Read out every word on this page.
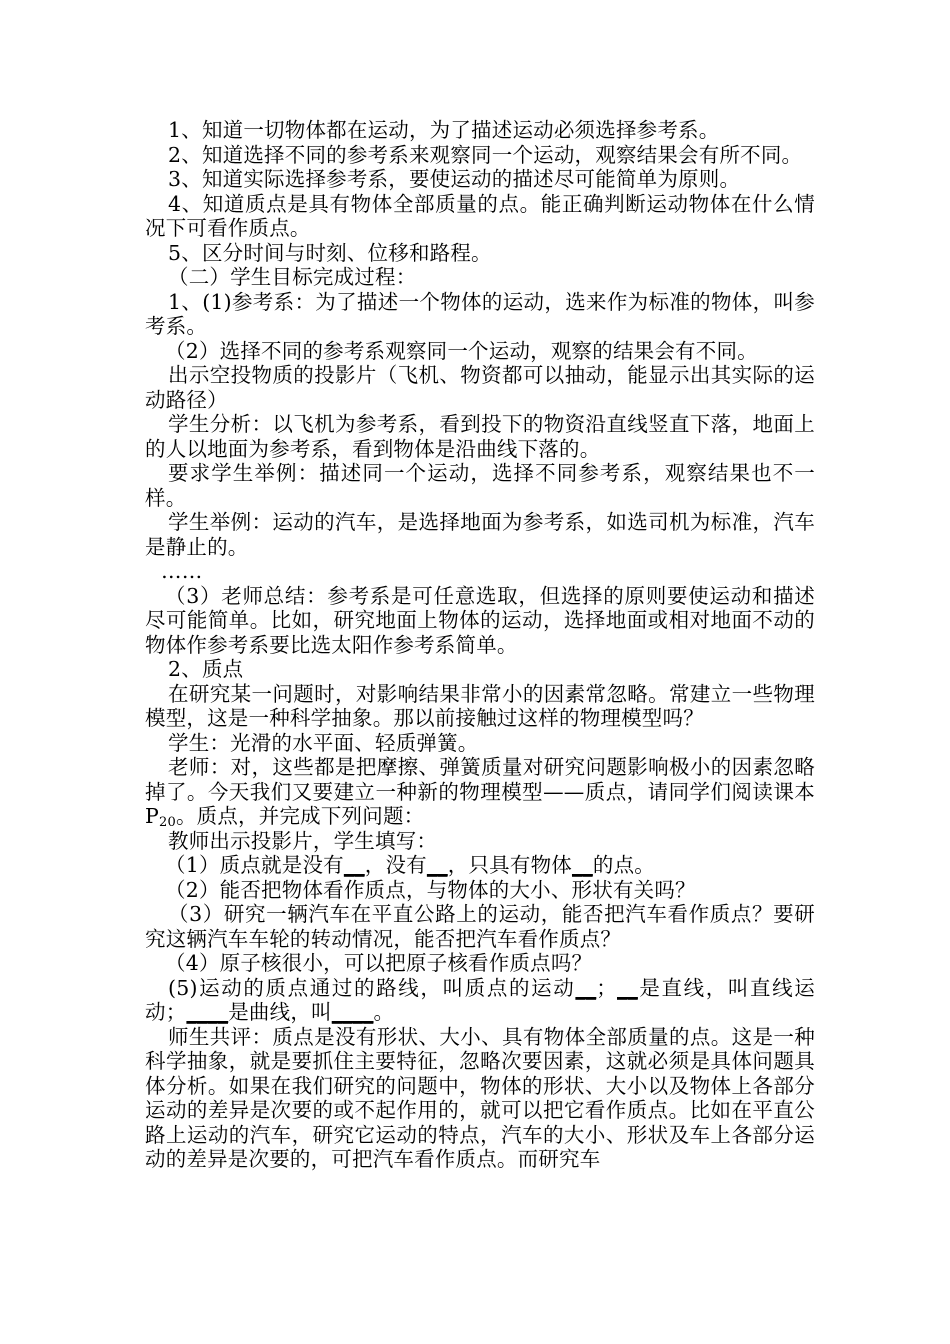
1、知道一切物体都在运动，为了描述运动必须选择参考系。

2、知道选择不同的参考系来观察同一个运动，观察结果会有所不同。

3、知道实际选择参考系，要使运动的描述尽可能简单为原则。

4、知道质点是具有物体全部质量的点。能正确判断运动物体在什么情况下可看作质点。

5、区分时间与时刻、位移和路程。

（二）学生目标完成过程：

1、(1)参考系：为了描述一个物体的运动，选来作为标准的物体，叫参考系。

（2）选择不同的参考系观察同一个运动，观察的结果会有不同。

出示空投物质的投影片（飞机、物资都可以抽动，能显示出其实际的运动路径）

学生分析：以飞机为参考系，看到投下的物资沿直线竖直下落，地面上的人以地面为参考系，看到物体是沿曲线下落的。

要求学生举例：描述同一个运动，选择不同参考系，观察结果也不一样。

学生举例：运动的汽车，是选择地面为参考系，如选司机为标准，汽车是静止的。

……

（3）老师总结：参考系是可任意选取，但选择的原则要使运动和描述尽可能简单。比如，研究地面上物体的运动，选择地面或相对地面不动的物体作参考系要比选太阳作参考系简单。

2、质点

在研究某一问题时，对影响结果非常小的因素常忽略。常建立一些物理模型，这是一种科学抽象。那以前接触过这样的物理模型吗？

学生：光滑的水平面、轻质弹簧。

老师：对，这些都是把摩擦、弹簧质量对研究问题影响极小的因素忽略掉了。今天我们又要建立一种新的物理模型——质点，请同学们阅读课本 $P_{20}$。质点，并完成下列问题：

教师出示投影片，学生填写：

（1）质点就是没有__，没有__，只具有物体__的点。

（2）能否把物体看作质点，与物体的大小、形状有关吗？

（3）研究一辆汽车在平直公路上的运动，能否把汽车看作质点？要研究这辆汽车车轮的转动情况，能否把汽车看作质点？

（4）原子核很小，可以把原子核看作质点吗？

(5)运动的质点通过的路线，叫质点的运动__；__是直线，叫直线运动；____是曲线，叫____。

师生共评：质点是没有形状、大小、具有物体全部质量的点。这是一种科学抽象，就是要抓住主要特征，忽略次要因素，这就必须是具体问题具体分析。如果在我们研究的问题中，物体的形状、大小以及物体上各部分运动的差异是次要的或不起作用的，就可以把它看作质点。比如在平直公路上运动的汽车，研究它运动的特点，汽车的大小、形状及车上各部分运动的差异是次要的，可把汽车看作质点。而研究车
